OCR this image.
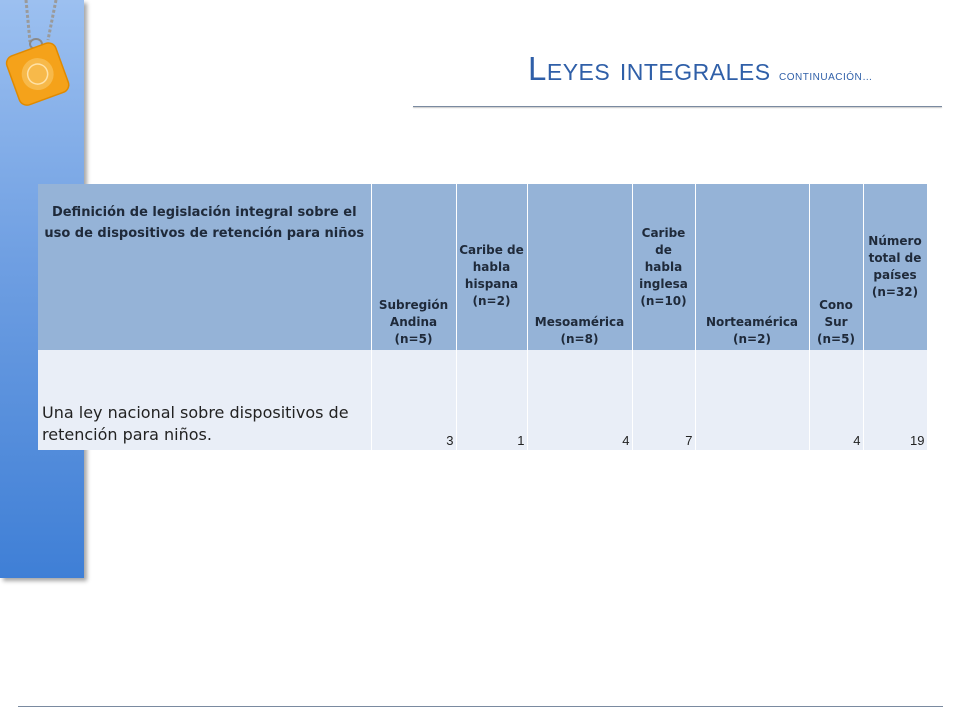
Leyes integrales CONTINUACIÓN…
Definición de legislación integral sobre el uso de dispositivos de retención para niños	Subregión Andina (n=5)	Caribe de habla hispana (n=2)	Mesoamérica (n=8)	Caribe de habla inglesa (n=10)	Norteamérica (n=2)	Cono Sur (n=5)	Número total de países (n=32)
Una ley nacional sobre dispositivos de retención para niños.	3	1	4	7		4	19
